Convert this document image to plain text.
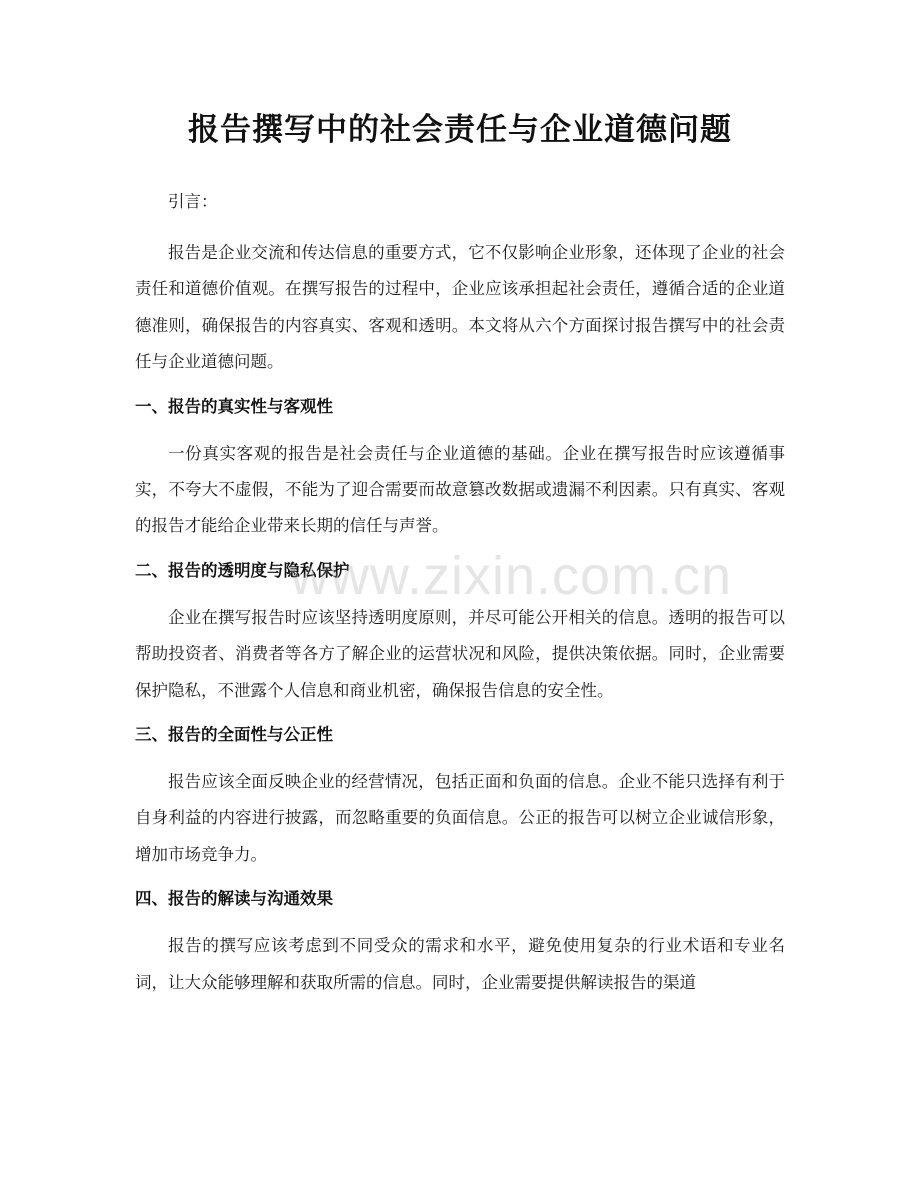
报告撰写中的社会责任与企业道德问题

引言：

报告是企业交流和传达信息的重要方式，它不仅影响企业形象，还体现了企业的社会责任和道德价值观。在撰写报告的过程中，企业应该承担起社会责任，遵循合适的企业道德准则，确保报告的内容真实、客观和透明。本文将从六个方面探讨报告撰写中的社会责任与企业道德问题。

一、报告的真实性与客观性

一份真实客观的报告是社会责任与企业道德的基础。企业在撰写报告时应该遵循事实，不夸大不虚假，不能为了迎合需要而故意篡改数据或遗漏不利因素。只有真实、客观的报告才能给企业带来长期的信任与声誉。

二、报告的透明度与隐私保护

企业在撰写报告时应该坚持透明度原则，并尽可能公开相关的信息。透明的报告可以帮助投资者、消费者等各方了解企业的运营状况和风险，提供决策依据。同时，企业需要保护隐私，不泄露个人信息和商业机密，确保报告信息的安全性。

三、报告的全面性与公正性

报告应该全面反映企业的经营情况，包括正面和负面的信息。企业不能只选择有利于自身利益的内容进行披露，而忽略重要的负面信息。公正的报告可以树立企业诚信形象，增加市场竞争力。

四、报告的解读与沟通效果

报告的撰写应该考虑到不同受众的需求和水平，避免使用复杂的行业术语和专业名词，让大众能够理解和获取所需的信息。同时，企业需要提供解读报告的渠道

www.zixin.com.cn
